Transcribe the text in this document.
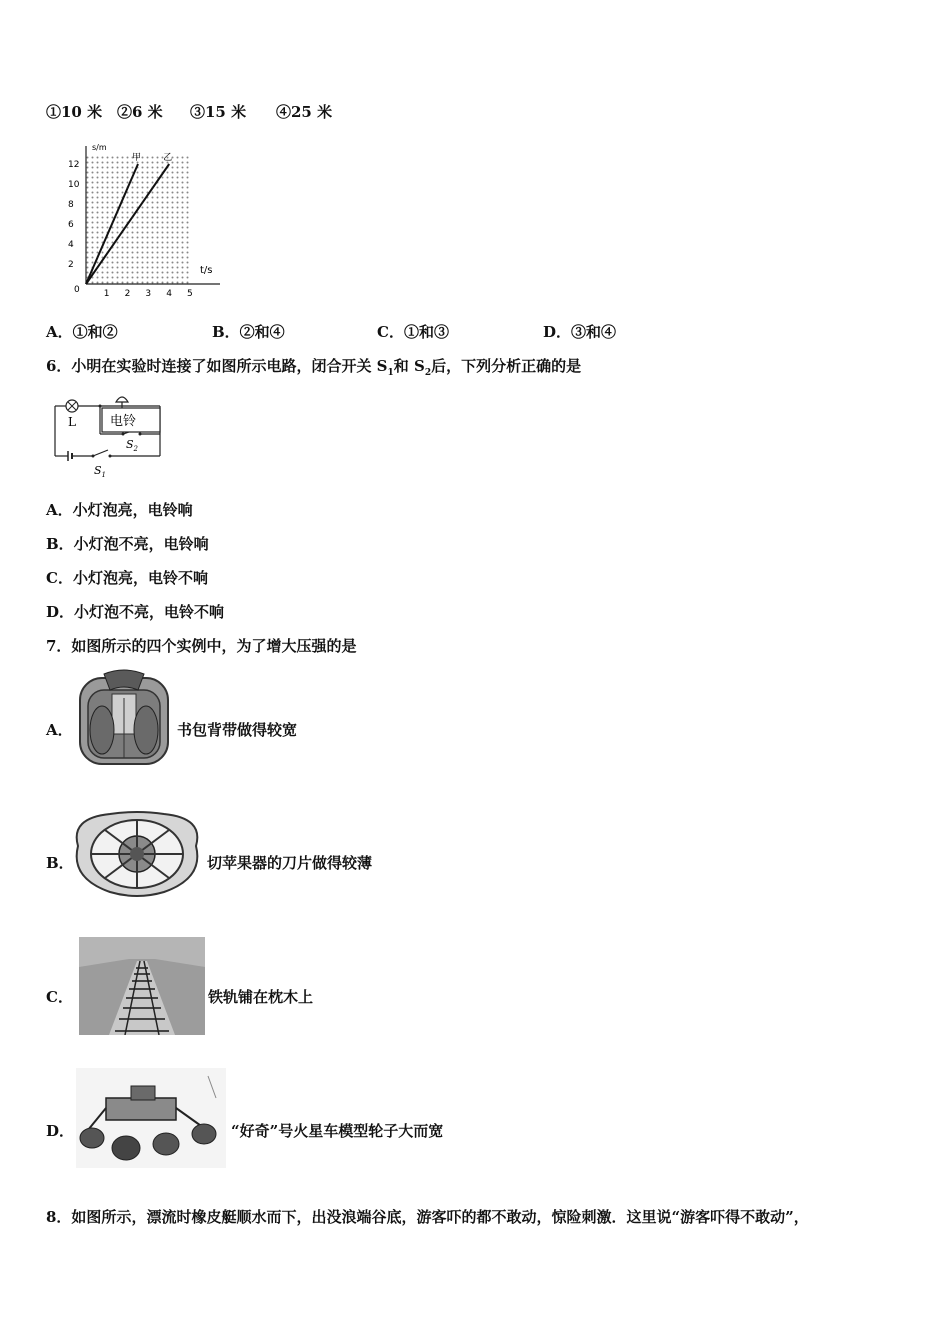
①10 米 ②6 米 ③15 米 ④25 米
s/m
t/s
0
2
4
6
8
10
12
1 2 3 4 5
甲 乙
A．①和②	B．②和④	C．①和③	D．③和④
6．小明在实验时连接了如图所示电路，闭合开关 $S_1$和 $S_2$后，下列分析正确的是
L	电铃
$S_2$
$S_1$
A．小灯泡亮，电铃响
B．小灯泡不亮，电铃响
C．小灯泡亮，电铃不响
D．小灯泡不亮，电铃不响
7．如图所示的四个实例中，为了增大压强的是
A．	书包背带做得较宽
B．	切苹果器的刀片做得较薄
C．	铁轨铺在枕木上
D．	“好奇”号火星车模型轮子大而宽
8．如图所示，漂流时橡皮艇顺水而下，出没浪端谷底，游客吓的都不敢动，惊险刺激．这里说“游客吓得不敢动”，
